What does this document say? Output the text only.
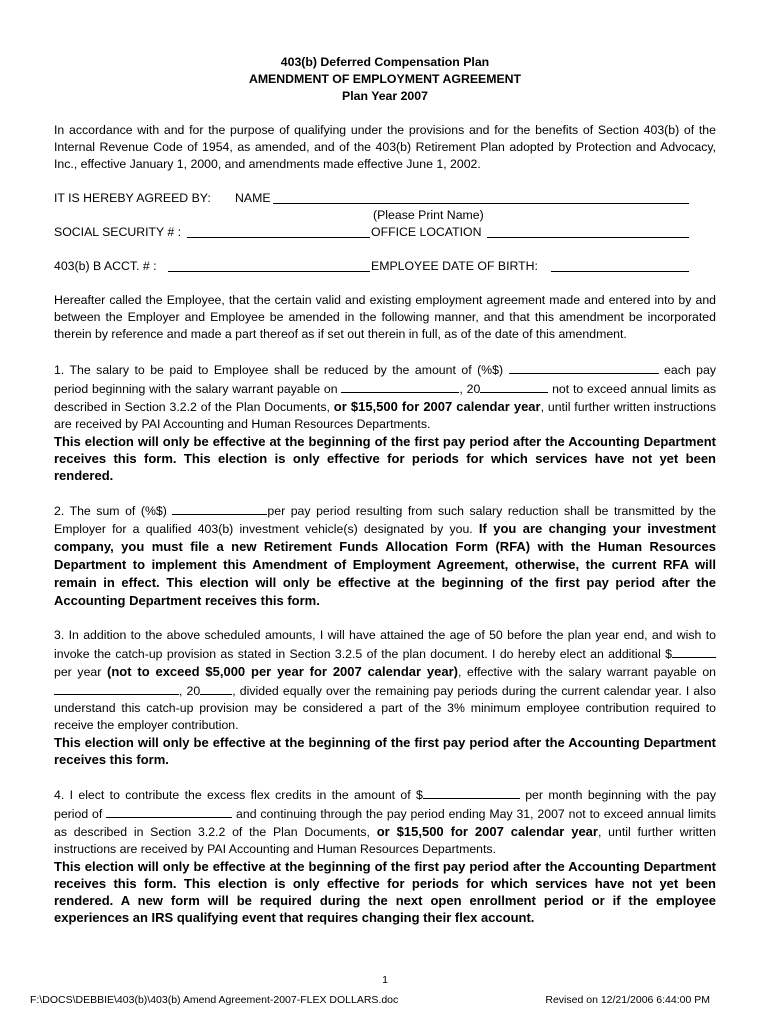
403(b) Deferred Compensation Plan
AMENDMENT OF EMPLOYMENT AGREEMENT
Plan Year 2007

In accordance with and for the purpose of qualifying under the provisions and for the benefits of Section 403(b) of the Internal Revenue Code of 1954, as amended, and of the 403(b) Retirement Plan adopted by Protection and Advocacy, Inc., effective January 1, 2000, and amendments made effective June 1, 2002.

IT IS HEREBY AGREED BY: NAME
(Please Print Name)
SOCIAL SECURITY # :	OFFICE LOCATION
403(b) B ACCT. # :	EMPLOYEE DATE OF BIRTH:

Hereafter called the Employee, that the certain valid and existing employment agreement made and entered into by and between the Employer and Employee be amended in the following manner, and that this amendment be incorporated therein by reference and made a part thereof as if set out therein in full, as of the date of this amendment.

1. The salary to be paid to Employee shall be reduced by the amount of (%$)	each pay period beginning with the salary warrant payable on	, 20	not to exceed annual limits as described in Section 3.2.2 of the Plan Documents, or $15,500 for 2007 calendar year, until further written instructions are received by PAI Accounting and Human Resources Departments.
This election will only be effective at the beginning of the first pay period after the Accounting Department receives this form. This election is only effective for periods for which services have not yet been rendered.

2. The sum of (%$)	per pay period resulting from such salary reduction shall be transmitted by the Employer for a qualified 403(b) investment vehicle(s) designated by you. If you are changing your investment company, you must file a new Retirement Funds Allocation Form (RFA) with the Human Resources Department to implement this Amendment of Employment Agreement, otherwise, the current RFA will remain in effect. This election will only be effective at the beginning of the first pay period after the Accounting Department receives this form.

3. In addition to the above scheduled amounts, I will have attained the age of 50 before the plan year end, and wish to invoke the catch-up provision as stated in Section 3.2.5 of the plan document. I do hereby elect an additional $ per year (not to exceed $5,000 per year for 2007 calendar year), effective with the salary warrant payable on , 20	, divided equally over the remaining pay periods during the current calendar year. I also understand this catch-up provision may be considered a part of the 3% minimum employee contribution required to receive the employer contribution.
This election will only be effective at the beginning of the first pay period after the Accounting Department receives this form.

4. I elect to contribute the excess flex credits in the amount of $	per month beginning with the pay period of	and continuing through the pay period ending May 31, 2007 not to exceed annual limits as described in Section 3.2.2 of the Plan Documents, or $15,500 for 2007 calendar year, until further written instructions are received by PAI Accounting and Human Resources Departments.
This election will only be effective at the beginning of the first pay period after the Accounting Department receives this form. This election is only effective for periods for which services have not yet been rendered. A new form will be required during the next open enrollment period or if the employee experiences an IRS qualifying event that requires changing their flex account.

1
F:\DOCS\DEBBIE\403(b)\403(b) Amend Agreement-2007-FLEX DOLLARS.doc	Revised on 12/21/2006 6:44:00 PM
